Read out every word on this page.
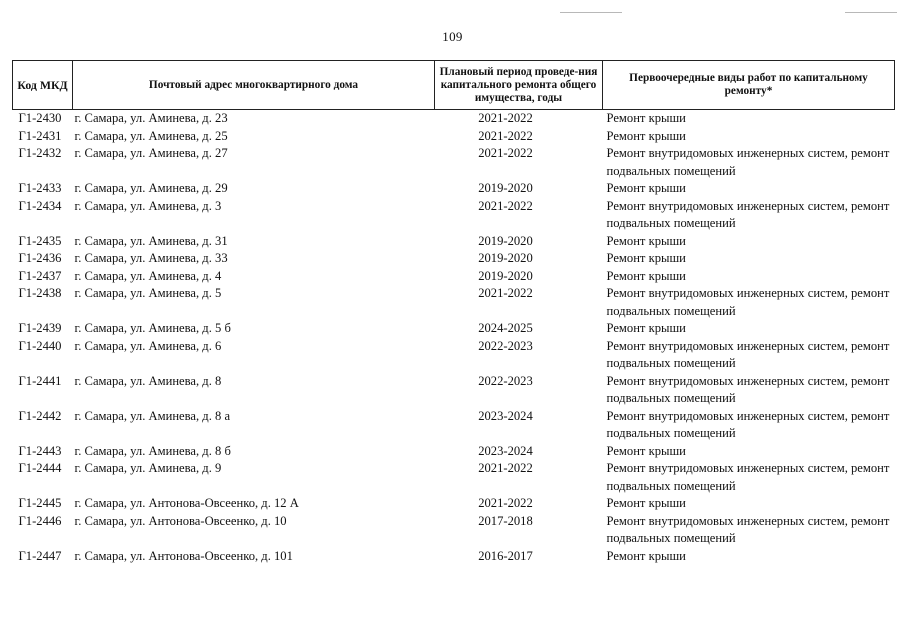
109
Код МКД	Почтовый адрес многоквартирного дома	Плановый период проведе-ния капитального ремонта общего имущества, годы	Первоочередные виды работ по капитальному ремонту*
Г1-2430	г. Самара, ул. Аминева, д. 23	2021-2022	Ремонт крыши
Г1-2431	г. Самара, ул. Аминева, д. 25	2021-2022	Ремонт крыши
Г1-2432	г. Самара, ул. Аминева, д. 27	2021-2022	Ремонт внутридомовых инженерных систем, ремонт подвальных помещений
Г1-2433	г. Самара, ул. Аминева, д. 29	2019-2020	Ремонт крыши
Г1-2434	г. Самара, ул. Аминева, д. 3	2021-2022	Ремонт внутридомовых инженерных систем, ремонт подвальных помещений
Г1-2435	г. Самара, ул. Аминева, д. 31	2019-2020	Ремонт крыши
Г1-2436	г. Самара, ул. Аминева, д. 33	2019-2020	Ремонт крыши
Г1-2437	г. Самара, ул. Аминева, д. 4	2019-2020	Ремонт крыши
Г1-2438	г. Самара, ул. Аминева, д. 5	2021-2022	Ремонт внутридомовых инженерных систем, ремонт подвальных помещений
Г1-2439	г. Самара, ул. Аминева, д. 5 б	2024-2025	Ремонт крыши
Г1-2440	г. Самара, ул. Аминева, д. 6	2022-2023	Ремонт внутридомовых инженерных систем, ремонт подвальных помещений
Г1-2441	г. Самара, ул. Аминева, д. 8	2022-2023	Ремонт внутридомовых инженерных систем, ремонт подвальных помещений
Г1-2442	г. Самара, ул. Аминева, д. 8 а	2023-2024	Ремонт внутридомовых инженерных систем, ремонт подвальных помещений
Г1-2443	г. Самара, ул. Аминева, д. 8 б	2023-2024	Ремонт крыши
Г1-2444	г. Самара, ул. Аминева, д. 9	2021-2022	Ремонт внутридомовых инженерных систем, ремонт подвальных помещений
Г1-2445	г. Самара, ул. Антонова-Овсеенко, д. 12 А	2021-2022	Ремонт крыши
Г1-2446	г. Самара, ул. Антонова-Овсеенко, д. 10	2017-2018	Ремонт внутридомовых инженерных систем, ремонт подвальных помещений
Г1-2447	г. Самара, ул. Антонова-Овсеенко, д. 101	2016-2017	Ремонт крыши
